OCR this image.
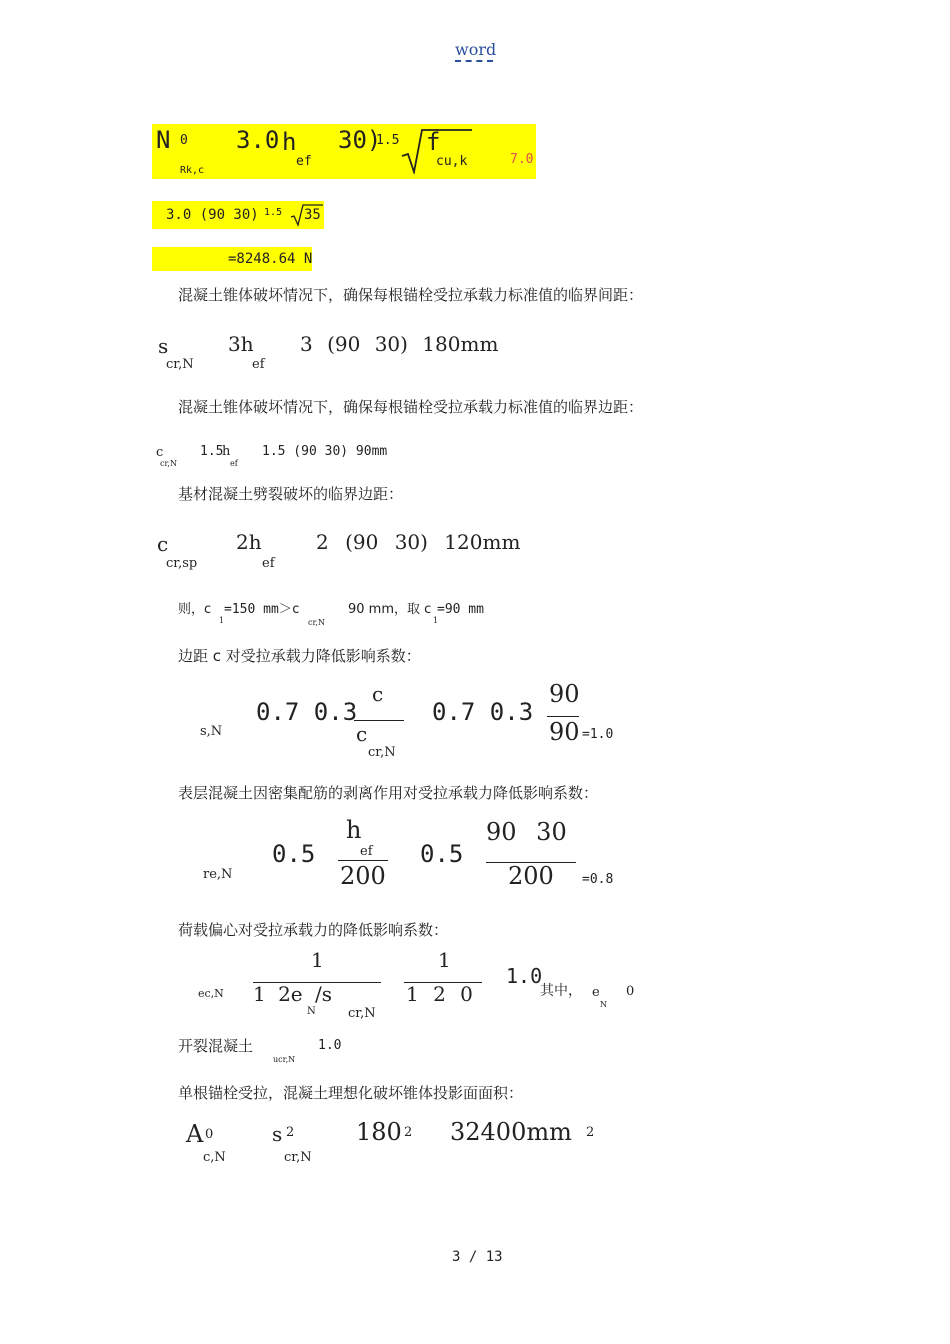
word
N 0
Rk,c
3.0 h
ef
30)
1.5 f
cu,k	7.0
3.0 (90 30) 1.5 35
=8248.64 N
混凝土锥体破坏情况下，确保每根锚栓受拉承载力标准值的临界间距：
s
cr,N
3h
ef
3 (90 30) 180mm
混凝土锥体破坏情况下，确保每根锚栓受拉承载力标准值的临界边距：
c
cr,N
1.5
h
ef
1.5 (90 30) 90mm
基材混凝土劈裂破坏的临界边距：
c
cr,sp
2h
ef
2 (90 30) 120mm
则，c
1
=150 mm＞c
cr,N
90 mm，取 c
1
=90 mm
边距 c 对受拉承载力降低影响系数：
s,N
0.7 0.3
c
c
cr,N
0.7 0.3
90
90 =1.0
表层混凝土因密集配筋的剥离作用对受拉承载力降低影响系数：
re,N
0.5
h
ef
200
0.5
90 30
200 =0.8
荷载偏心对受拉承载力的降低影响系数：
ec,N
1
1 2e /s
N cr,N
1
1 2 0
1.0
其中， e
N
0
开裂混凝土
ucr,N
1.0
单根锚栓受拉，混凝土理想化破坏锥体投影面面积：
A 0
c,N
s 2
cr,N
180 2 32400mm 2
3 / 13
